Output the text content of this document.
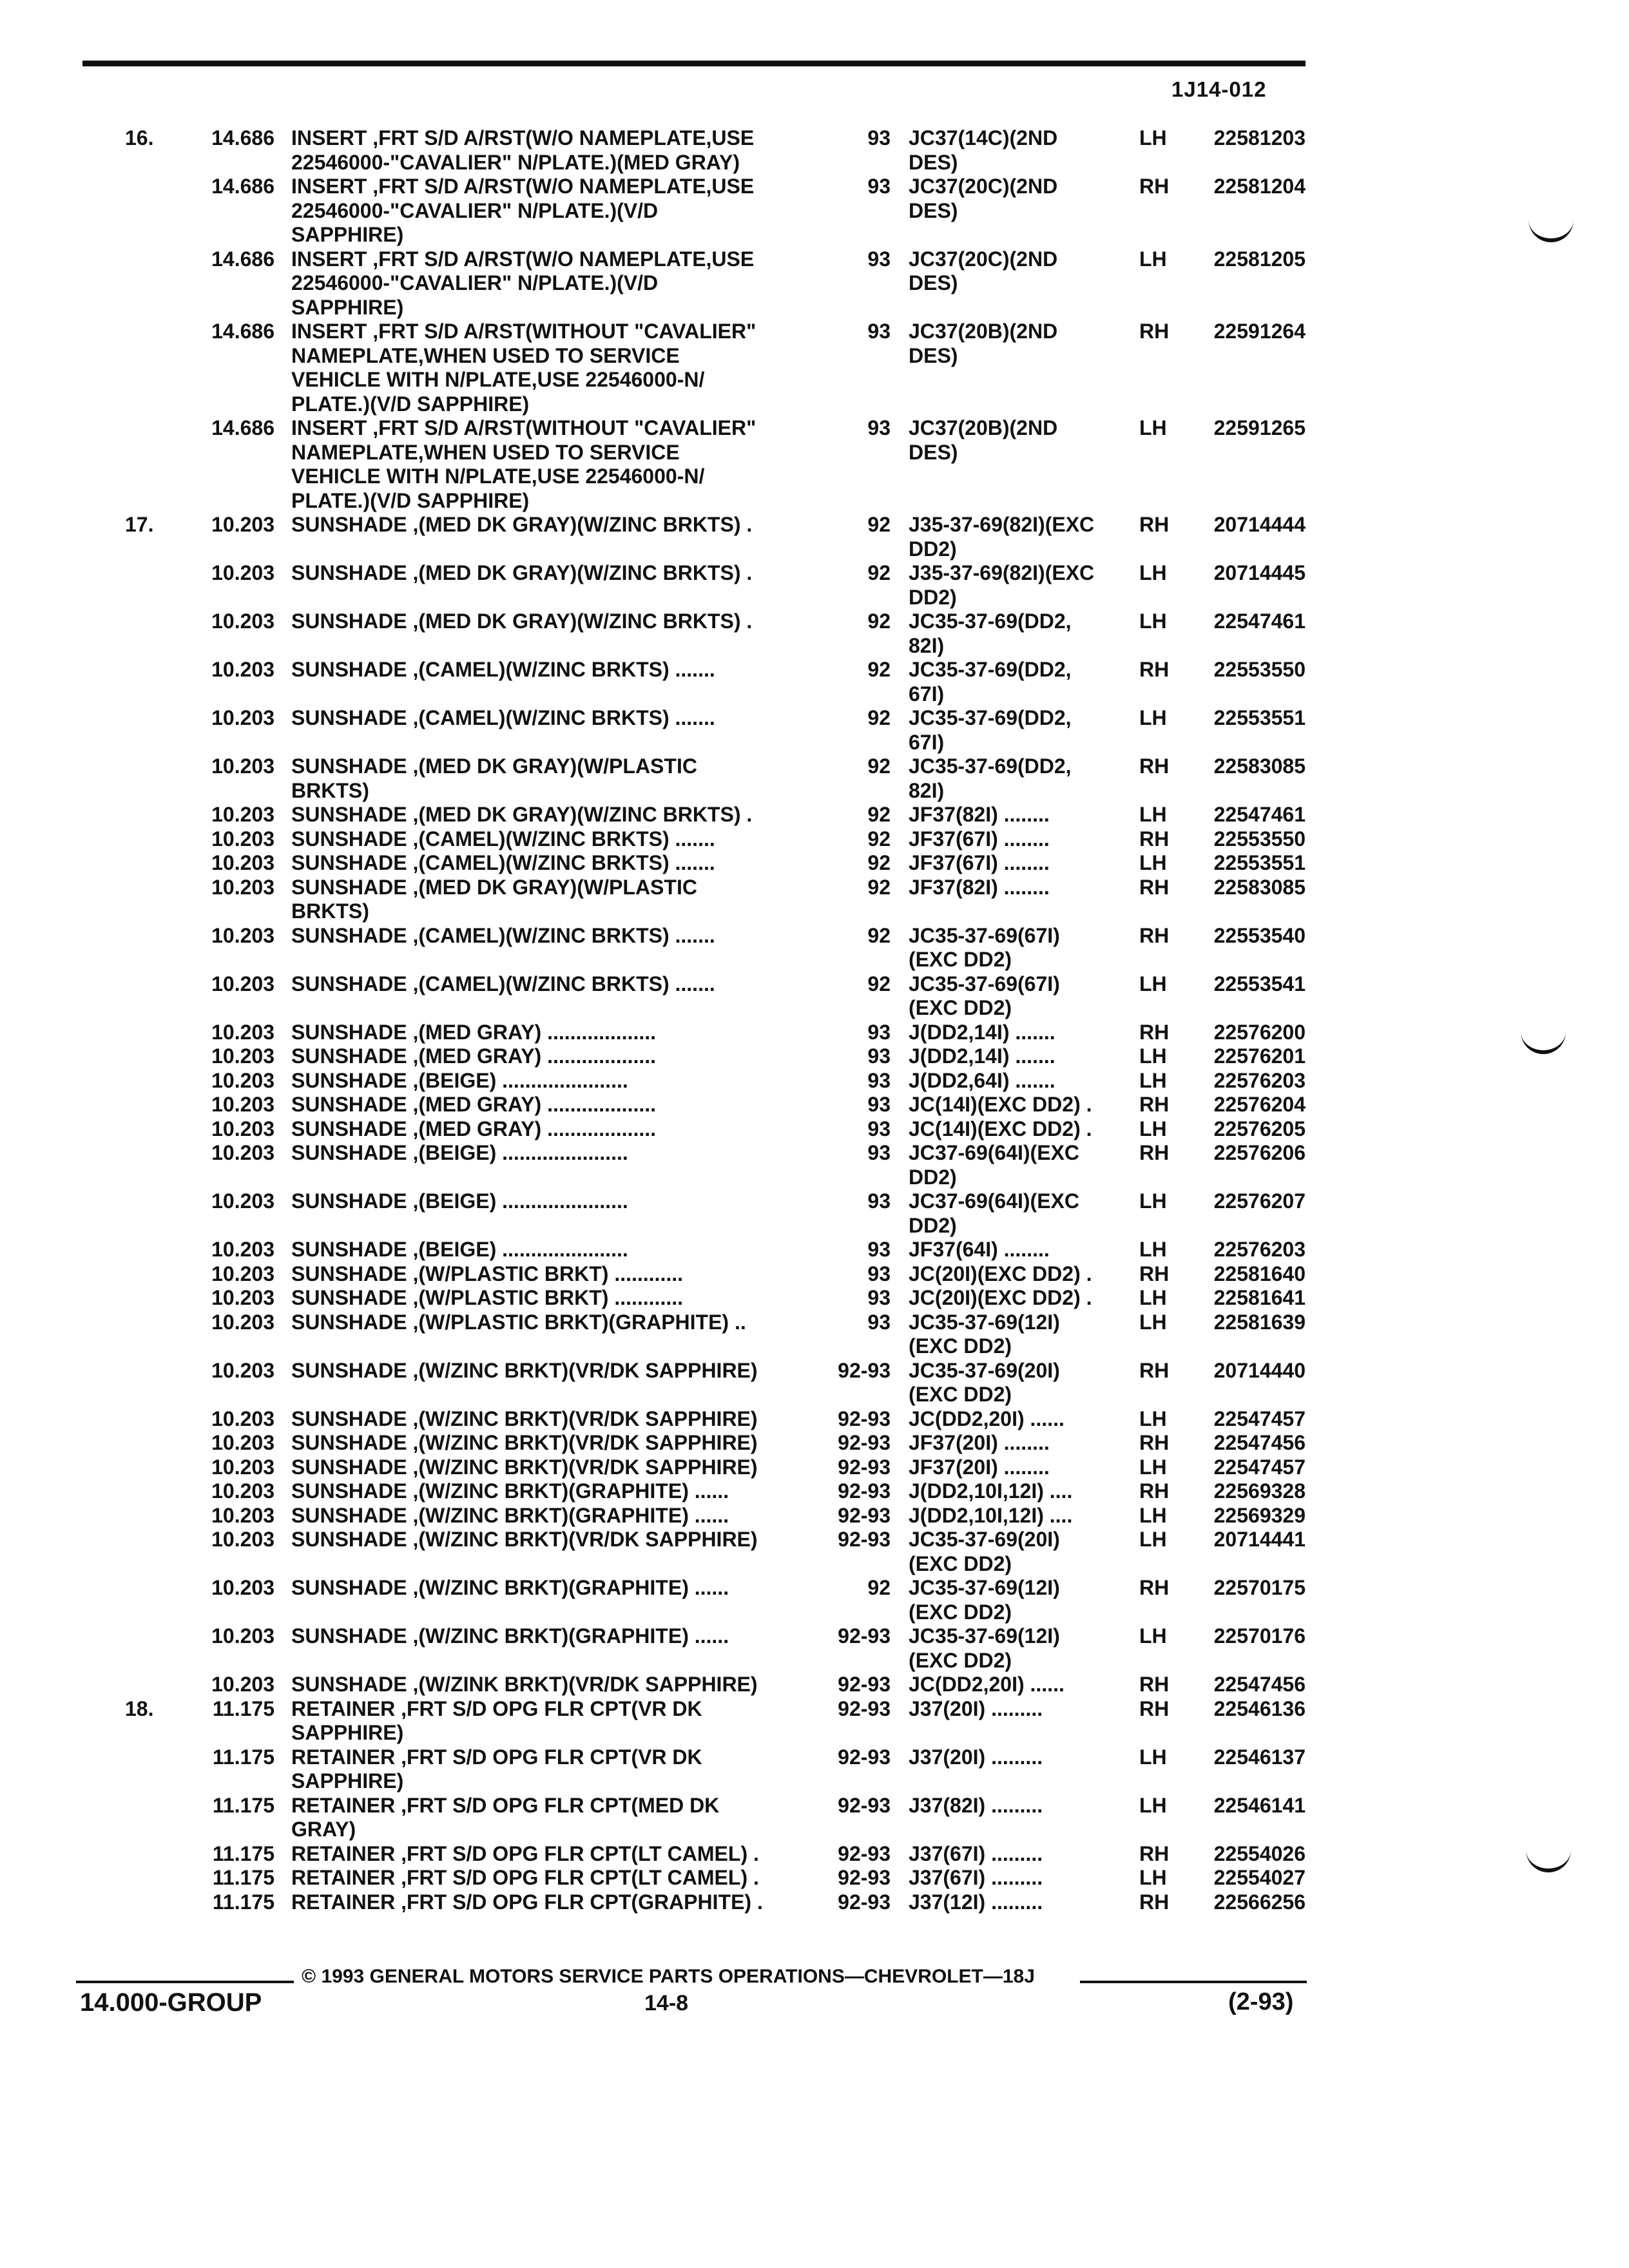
1J14-012
16.	14.686 INSERT ,FRT S/D A/RST(W/O NAMEPLATE,USE
22546000-"CAVALIER" N/PLATE.)(MED GRAY)
93 JC37(14C)(2ND
DES)
LH	22581203
14.686 INSERT ,FRT S/D A/RST(W/O NAMEPLATE,USE
22546000-"CAVALIER" N/PLATE.)(V/D
SAPPHIRE)
93 JC37(20C)(2ND
DES)
RH	22581204
14.686 INSERT ,FRT S/D A/RST(W/O NAMEPLATE,USE
22546000-"CAVALIER" N/PLATE.)(V/D
SAPPHIRE)
93 JC37(20C)(2ND
DES)
LH	22581205
14.686 INSERT ,FRT S/D A/RST(WITHOUT "CAVALIER"
NAMEPLATE,WHEN USED TO SERVICE
VEHICLE WITH N/PLATE,USE 22546000-N/
PLATE.)(V/D SAPPHIRE)
93 JC37(20B)(2ND
DES)
RH	22591264
14.686 INSERT ,FRT S/D A/RST(WITHOUT "CAVALIER"
NAMEPLATE,WHEN USED TO SERVICE
VEHICLE WITH N/PLATE,USE 22546000-N/
PLATE.)(V/D SAPPHIRE)
93 JC37(20B)(2ND
DES)
LH	22591265
17.	10.203 SUNSHADE ,(MED DK GRAY)(W/ZINC BRKTS) .	92 J35-37-69(82I)(EXC
DD2)
RH	20714444
10.203 SUNSHADE ,(MED DK GRAY)(W/ZINC BRKTS) .	92 J35-37-69(82I)(EXC
DD2)
LH	20714445
10.203 SUNSHADE ,(MED DK GRAY)(W/ZINC BRKTS) .	92 JC35-37-69(DD2,
82I)
LH	22547461
10.203 SUNSHADE ,(CAMEL)(W/ZINC BRKTS) .......	92 JC35-37-69(DD2,
67I)
RH	22553550
10.203 SUNSHADE ,(CAMEL)(W/ZINC BRKTS) .......	92 JC35-37-69(DD2,
67I)
LH	22553551
10.203 SUNSHADE ,(MED DK GRAY)(W/PLASTIC
BRKTS)
92 JC35-37-69(DD2,
82I)
RH	22583085
10.203 SUNSHADE ,(MED DK GRAY)(W/ZINC BRKTS) .	92 JF37(82I) ........	LH	22547461
10.203 SUNSHADE ,(CAMEL)(W/ZINC BRKTS) .......	92 JF37(67I) ........	RH	22553550
10.203 SUNSHADE ,(CAMEL)(W/ZINC BRKTS) .......	92 JF37(67I) ........	LH	22553551
10.203 SUNSHADE ,(MED DK GRAY)(W/PLASTIC
BRKTS)
92 JF37(82I) ........	RH	22583085
10.203 SUNSHADE ,(CAMEL)(W/ZINC BRKTS) .......	92 JC35-37-69(67I)
(EXC DD2)
RH	22553540
10.203 SUNSHADE ,(CAMEL)(W/ZINC BRKTS) .......	92 JC35-37-69(67I)
(EXC DD2)
LH	22553541
10.203 SUNSHADE ,(MED GRAY) ...................	93 J(DD2,14I) .......	RH	22576200
10.203 SUNSHADE ,(MED GRAY) ...................	93 J(DD2,14I) .......	LH	22576201
10.203 SUNSHADE ,(BEIGE) ......................	93 J(DD2,64I) .......	LH	22576203
10.203 SUNSHADE ,(MED GRAY) ...................	93 JC(14I)(EXC DD2) .	RH	22576204
10.203 SUNSHADE ,(MED GRAY) ...................	93 JC(14I)(EXC DD2) .	LH	22576205
10.203 SUNSHADE ,(BEIGE) ......................	93 JC37-69(64I)(EXC
DD2)
RH	22576206
10.203 SUNSHADE ,(BEIGE) ......................	93 JC37-69(64I)(EXC
DD2)
LH	22576207
10.203 SUNSHADE ,(BEIGE) ......................	93 JF37(64I) ........	LH	22576203
10.203 SUNSHADE ,(W/PLASTIC BRKT) ............	93 JC(20I)(EXC DD2) .	RH	22581640
10.203 SUNSHADE ,(W/PLASTIC BRKT) ............	93 JC(20I)(EXC DD2) .	LH	22581641
10.203 SUNSHADE ,(W/PLASTIC BRKT)(GRAPHITE) ..	93 JC35-37-69(12I)
(EXC DD2)
LH	22581639
10.203 SUNSHADE ,(W/ZINC BRKT)(VR/DK SAPPHIRE)	92-93 JC35-37-69(20I)
(EXC DD2)
RH	20714440
10.203 SUNSHADE ,(W/ZINC BRKT)(VR/DK SAPPHIRE)	92-93 JC(DD2,20I) ......	LH	22547457
10.203 SUNSHADE ,(W/ZINC BRKT)(VR/DK SAPPHIRE)	92-93 JF37(20I) ........	RH	22547456
10.203 SUNSHADE ,(W/ZINC BRKT)(VR/DK SAPPHIRE)	92-93 JF37(20I) ........	LH	22547457
10.203 SUNSHADE ,(W/ZINC BRKT)(GRAPHITE) ......	92-93 J(DD2,10I,12I) ....	RH	22569328
10.203 SUNSHADE ,(W/ZINC BRKT)(GRAPHITE) ......	92-93 J(DD2,10I,12I) ....	LH	22569329
10.203 SUNSHADE ,(W/ZINC BRKT)(VR/DK SAPPHIRE)	92-93 JC35-37-69(20I)
(EXC DD2)
LH	20714441
10.203 SUNSHADE ,(W/ZINC BRKT)(GRAPHITE) ......	92 JC35-37-69(12I)
(EXC DD2)
RH	22570175
10.203 SUNSHADE ,(W/ZINC BRKT)(GRAPHITE) ......	92-93 JC35-37-69(12I)
(EXC DD2)
LH	22570176
10.203 SUNSHADE ,(W/ZINK BRKT)(VR/DK SAPPHIRE)	92-93 JC(DD2,20I) ......	RH	22547456
18.	11.175 RETAINER ,FRT S/D OPG FLR CPT(VR DK
SAPPHIRE)
92-93 J37(20I) .........	RH	22546136
11.175 RETAINER ,FRT S/D OPG FLR CPT(VR DK
SAPPHIRE)
92-93 J37(20I) .........	LH	22546137
11.175 RETAINER ,FRT S/D OPG FLR CPT(MED DK
GRAY)
92-93 J37(82I) .........	LH	22546141
11.175 RETAINER ,FRT S/D OPG FLR CPT(LT CAMEL) .	92-93 J37(67I) .........	RH	22554026
11.175 RETAINER ,FRT S/D OPG FLR CPT(LT CAMEL) .	92-93 J37(67I) .........	LH	22554027
11.175 RETAINER ,FRT S/D OPG FLR CPT(GRAPHITE) .	92-93 J37(12I) .........	RH	22566256
© 1993 GENERAL MOTORS SERVICE PARTS OPERATIONS—CHEVROLET—18J
14.000-GROUP	14-8	(2-93)
